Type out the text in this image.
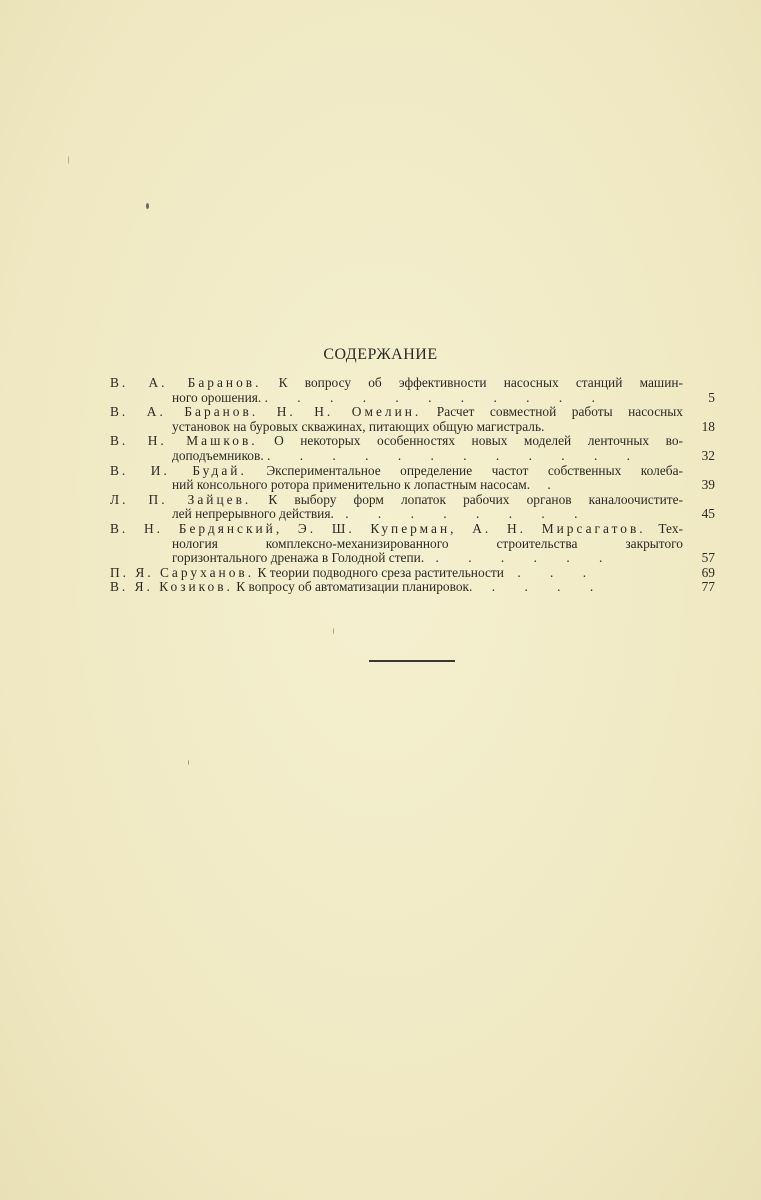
СОДЕРЖАНИЕ
В. А. Баранов. К вопросу об эффективности насосных станций машин-
ного орошения. . . . . . . . . . . .	5
В. А. Баранов. Н. Н. Омелин. Расчет совместной работы насосных
установок на буровых скважинах, питающих общую магистраль.	18
В. Н. Машков. О некоторых особенностях новых моделей ленточных во-
доподъемников. . . . . . . . . . . . .	32
В. И. Будай. Экспериментальное определение частот собственных колеба-
ний консольного ротора применительно к лопастным насосам. .	39
Л. П. Зайцев. К выбору форм лопаток рабочих органов каналоочистите-
лей непрерывного действия. . . . . . . . .	45
В. Н. Бердянский, Э. Ш. Куперман, А. Н. Мирсагатов. Тех-
нология комплексно-механизированного строительства закрытого
горизонтального дренажа в Голодной степи. . . . . . .	57
П. Я. Саруханов. К теории подводного среза растительности . . .	69
В. Я. Козиков. К вопросу об автоматизации планировок. . . . .	77
